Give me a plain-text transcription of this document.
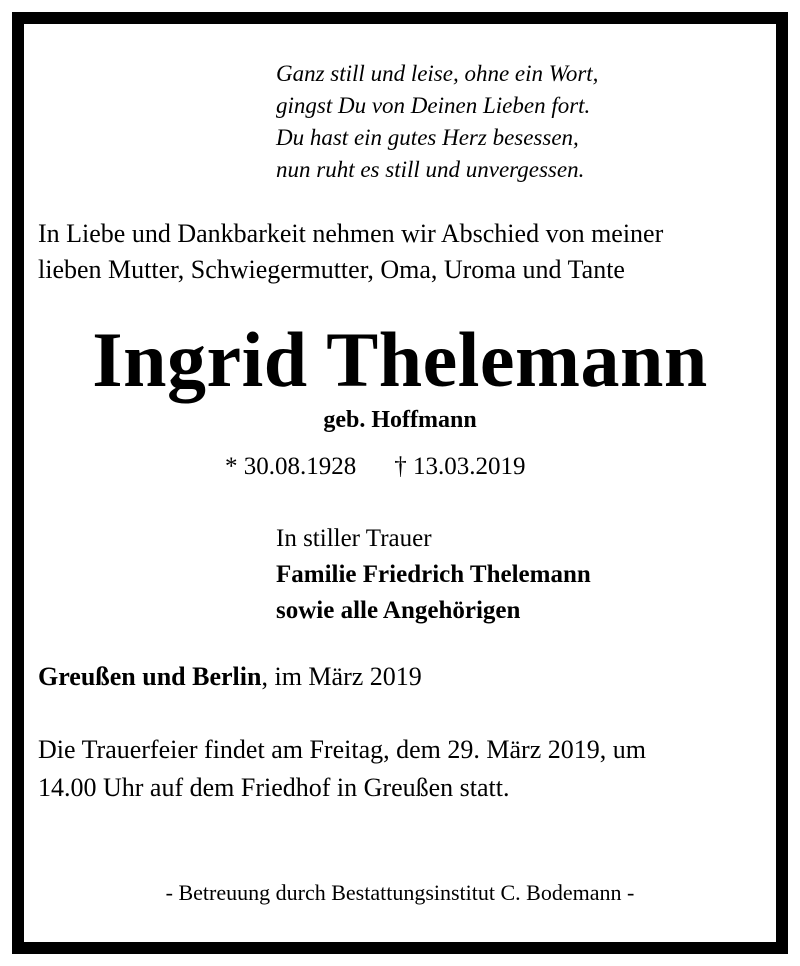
Ganz still und leise, ohne ein Wort,
gingst Du von Deinen Lieben fort.
Du hast ein gutes Herz besessen,
nun ruht es still und unvergessen.
In Liebe und Dankbarkeit nehmen wir Abschied von meiner
lieben Mutter, Schwiegermutter, Oma, Uroma und Tante
Ingrid Thelemann
geb. Hoffmann
* 30.08.1928 † 13.03.2019
In stiller Trauer
Familie Friedrich Thelemann
sowie alle Angehörigen
Greußen und Berlin, im März 2019
Die Trauerfeier findet am Freitag, dem 29. März 2019, um
14.00 Uhr auf dem Friedhof in Greußen statt.
- Betreuung durch Bestattungsinstitut C. Bodemann -
